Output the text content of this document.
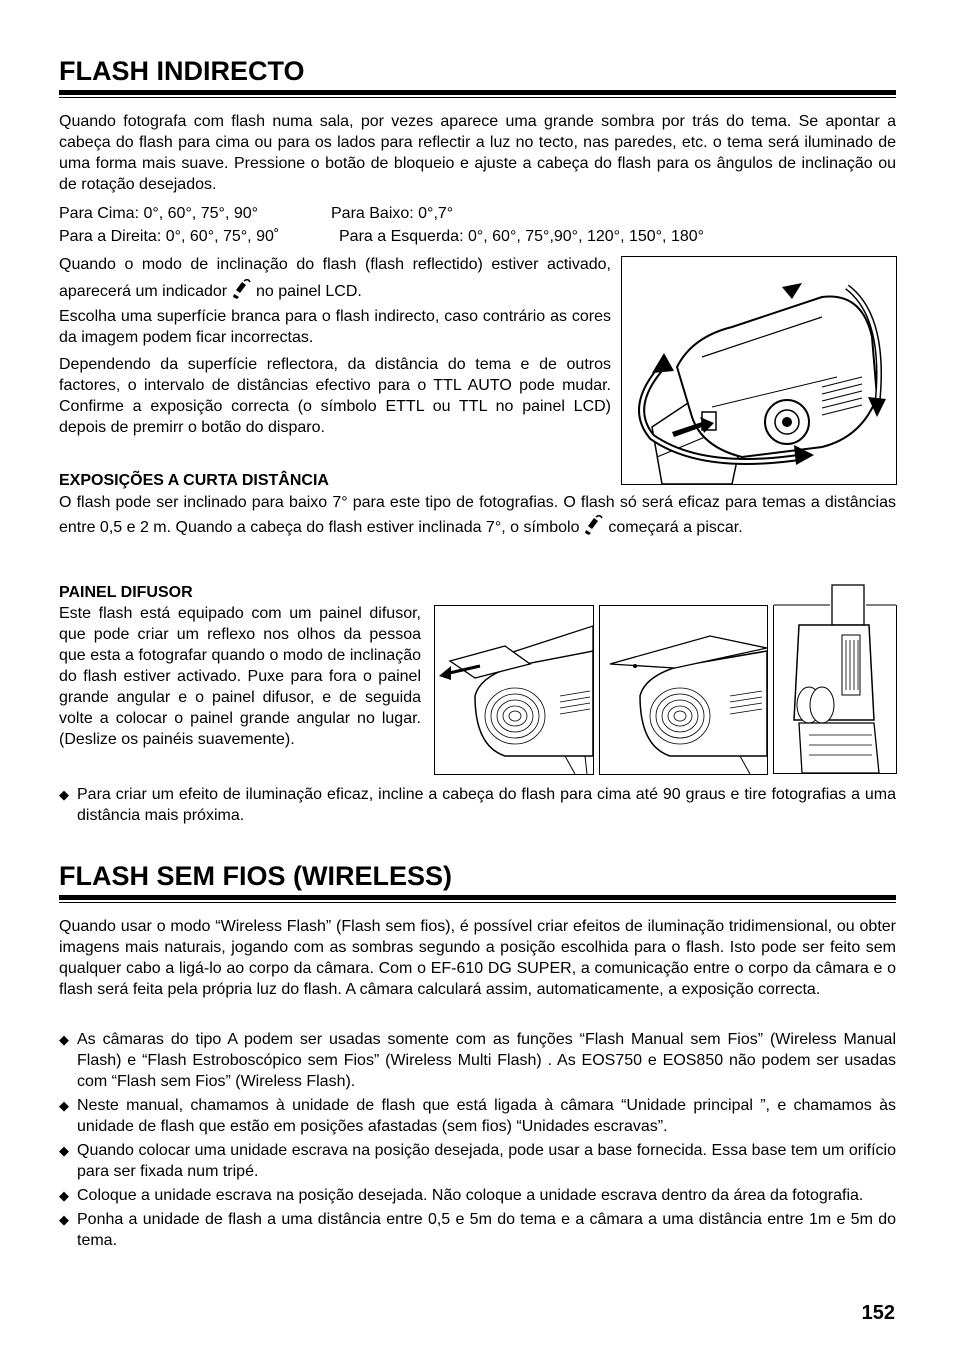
FLASH INDIRECTO

Quando fotografa com flash numa sala, por vezes aparece uma grande sombra por trás do tema. Se apontar a cabeça do flash para cima ou para os lados para reflectir a luz no tecto, nas paredes, etc. o tema será iluminado de uma forma mais suave. Pressione o botão de bloqueio e ajuste a cabeça do flash para os ângulos de inclinação ou de rotação desejados.

Para Cima: 0°, 60°, 75°, 90°	Para Baixo: 0°,7°
Para a Direita: 0°, 60°, 75°, 90˚	Para a Esquerda: 0°, 60°, 75°,90°, 120°, 150°, 180°

Quando o modo de inclinação do flash (flash reflectido) estiver activado, aparecerá um indicador no painel LCD.

Escolha uma superfície branca para o flash indirecto, caso contrário as cores da imagem podem ficar incorrectas.

Dependendo da superfície reflectora, da distância do tema e de outros factores, o intervalo de distâncias efectivo para o TTL AUTO pode mudar. Confirme a exposição correcta (o símbolo ETTL ou TTL no painel LCD) depois de premirr o botão do disparo.

EXPOSIÇÕES A CURTA DISTÂNCIA

O flash pode ser inclinado para baixo 7° para este tipo de fotografias. O flash só será eficaz para temas a distâncias entre 0,5 e 2 m. Quando a cabeça do flash estiver inclinada 7°, o símbolo começará a piscar.

PAINEL DIFUSOR

Este flash está equipado com um painel difusor, que pode criar um reflexo nos olhos da pessoa que esta a fotografar quando o modo de inclinação do flash estiver activado. Puxe para fora o painel grande angular e o painel difusor, e de seguida volte a colocar o painel grande angular no lugar. (Deslize os painéis suavemente).

◆ Para criar um efeito de iluminação eficaz, incline a cabeça do flash para cima até 90 graus e tire fotografias a uma distância mais próxima.
FLASH SEM FIOS (WIRELESS)

Quando usar o modo “Wireless Flash” (Flash sem fios), é possível criar efeitos de iluminação tridimensional, ou obter imagens mais naturais, jogando com as sombras segundo a posição escolhida para o flash. Isto pode ser feito sem qualquer cabo a ligá-lo ao corpo da câmara. Com o EF-610 DG SUPER, a comunicação entre o corpo da câmara e o flash será feita pela própria luz do flash. A câmara calculará assim, automaticamente, a exposição correcta.

◆ As câmaras do tipo A podem ser usadas somente com as funções “Flash Manual sem Fios” (Wireless Manual Flash) e “Flash Estroboscópico sem Fios” (Wireless Multi Flash) . As EOS750 e EOS850 não podem ser usadas com “Flash sem Fios” (Wireless Flash).
◆ Neste manual, chamamos à unidade de flash que está ligada à câmara “Unidade principal ”, e chamamos às unidade de flash que estão em posições afastadas (sem fios) “Unidades escravas”.
◆ Quando colocar uma unidade escrava na posição desejada, pode usar a base fornecida. Essa base tem um orifício para ser fixada num tripé.
◆ Coloque a unidade escrava na posição desejada. Não coloque a unidade escrava dentro da área da fotografia.
◆ Ponha a unidade de flash a uma distância entre 0,5 e 5m do tema e a câmara a uma distância entre 1m e 5m do tema.
152
